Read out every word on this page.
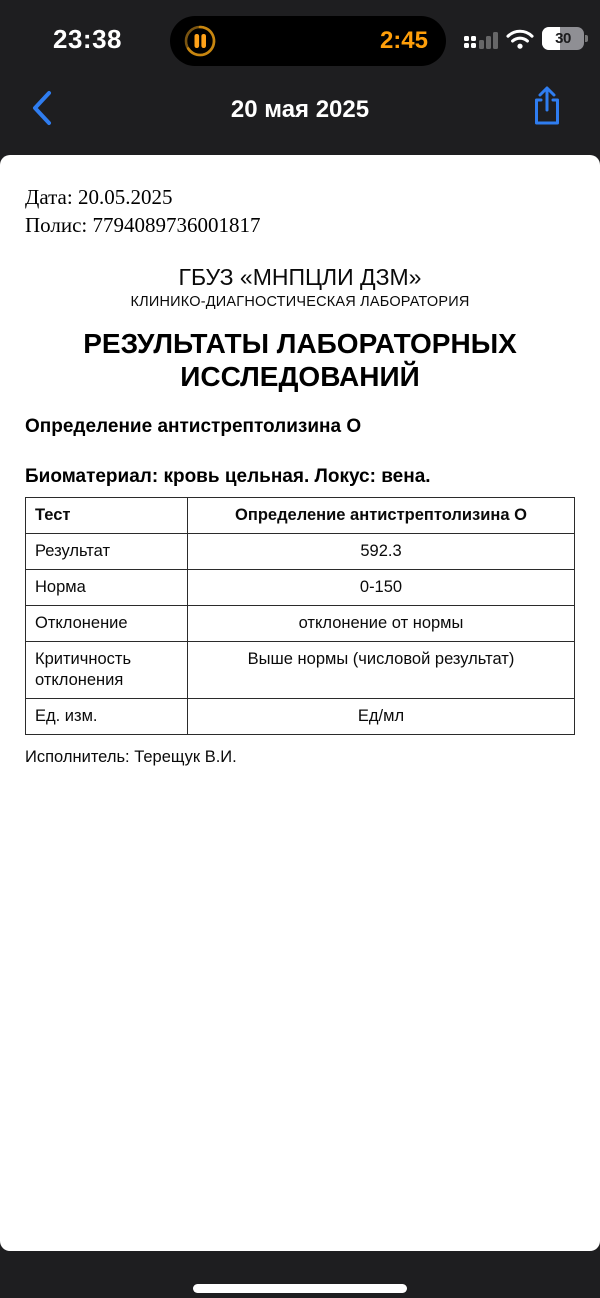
23:38	2:45	30
20 мая 2025
Дата: 20.05.2025
Полис: 7794089736001817
ГБУЗ «МНПЦЛИ ДЗМ»
КЛИНИКО-ДИАГНОСТИЧЕСКАЯ ЛАБОРАТОРИЯ
РЕЗУЛЬТАТЫ ЛАБОРАТОРНЫХ
ИССЛЕДОВАНИЙ
Определение антистрептолизина О
Биоматериал: кровь цельная. Локус: вена.
Тест	Определение антистрептолизина О
Результат	592.3
Норма	0-150
Отклонение	отклонение от нормы
Критичность отклонения	Выше нормы (числовой результат)
Ед. изм.	Ед/мл
Исполнитель: Терещук В.И.
